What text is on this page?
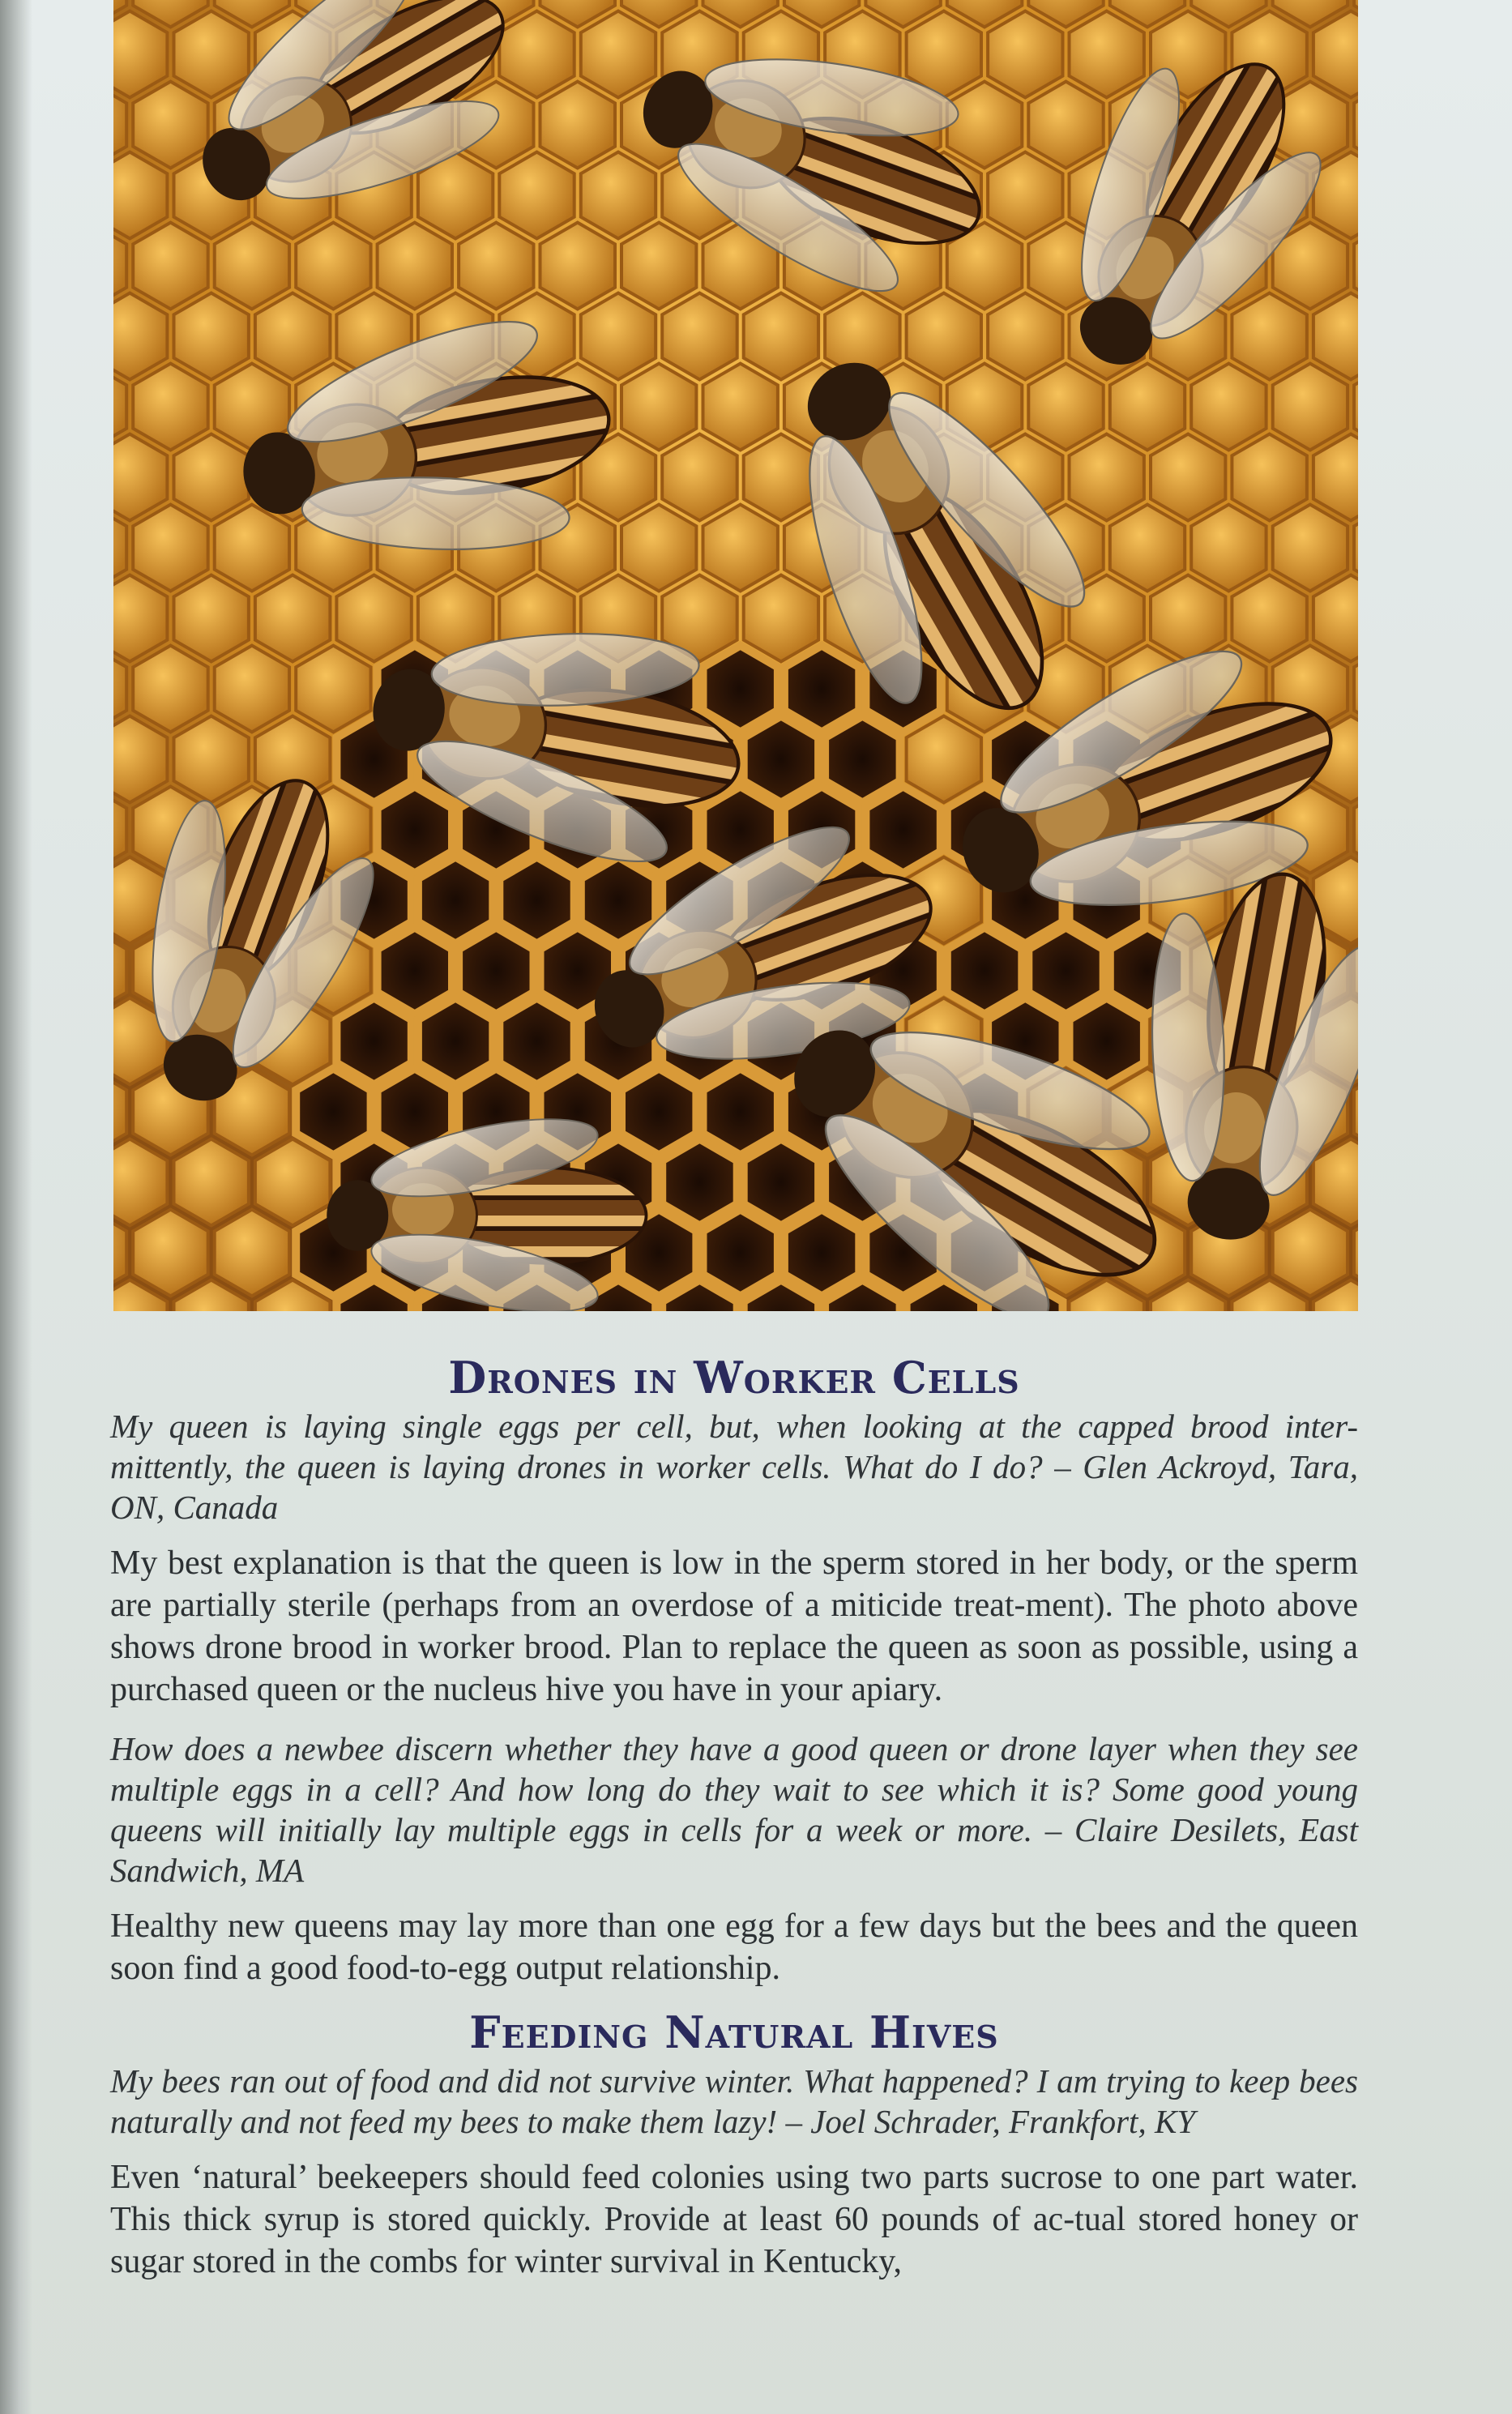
Drones in Worker Cells

My queen is laying single eggs per cell, but, when looking at the capped brood inter-mittently, the queen is laying drones in worker cells. What do I do? – Glen Ackroyd, Tara, ON, Canada

My best explanation is that the queen is low in the sperm stored in her body, or the sperm are partially sterile (perhaps from an overdose of a miticide treat-ment). The photo above shows drone brood in worker brood. Plan to replace the queen as soon as possible, using a purchased queen or the nucleus hive you have in your apiary.

How does a newbee discern whether they have a good queen or drone layer when they see multiple eggs in a cell? And how long do they wait to see which it is? Some good young queens will initially lay multiple eggs in cells for a week or more. – Claire Desilets, East Sandwich, MA

Healthy new queens may lay more than one egg for a few days but the bees and the queen soon find a good food-to-egg output relationship.

Feeding Natural Hives

My bees ran out of food and did not survive winter. What happened? I am trying to keep bees naturally and not feed my bees to make them lazy! – Joel Schrader, Frankfort, KY

Even ‘natural’ beekeepers should feed colonies using two parts sucrose to one part water. This thick syrup is stored quickly. Provide at least 60 pounds of ac-tual stored honey or sugar stored in the combs for winter survival in Kentucky,
